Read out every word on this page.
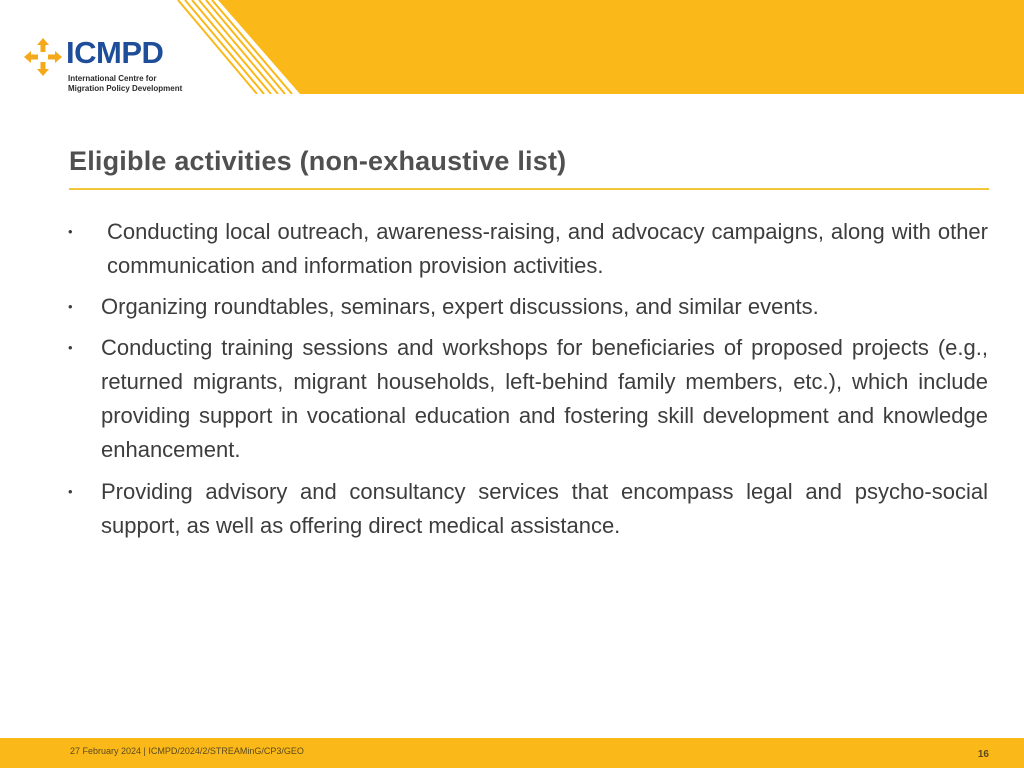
ICMPD
International Centre for
Migration Policy Development
Eligible activities (non-exhaustive list)
• Conducting local outreach, awareness-raising, and advocacy campaigns, along with other communication and information provision activities.
• Organizing roundtables, seminars, expert discussions, and similar events.
• Conducting training sessions and workshops for beneficiaries of proposed projects (e.g., returned migrants, migrant households, left-behind family members, etc.), which include providing support in vocational education and fostering skill development and knowledge enhancement.
• Providing advisory and consultancy services that encompass legal and psycho-social support, as well as offering direct medical assistance.
27 February 2024 | ICMPD/2024/2/STREAMinG/CP3/GEO	16
